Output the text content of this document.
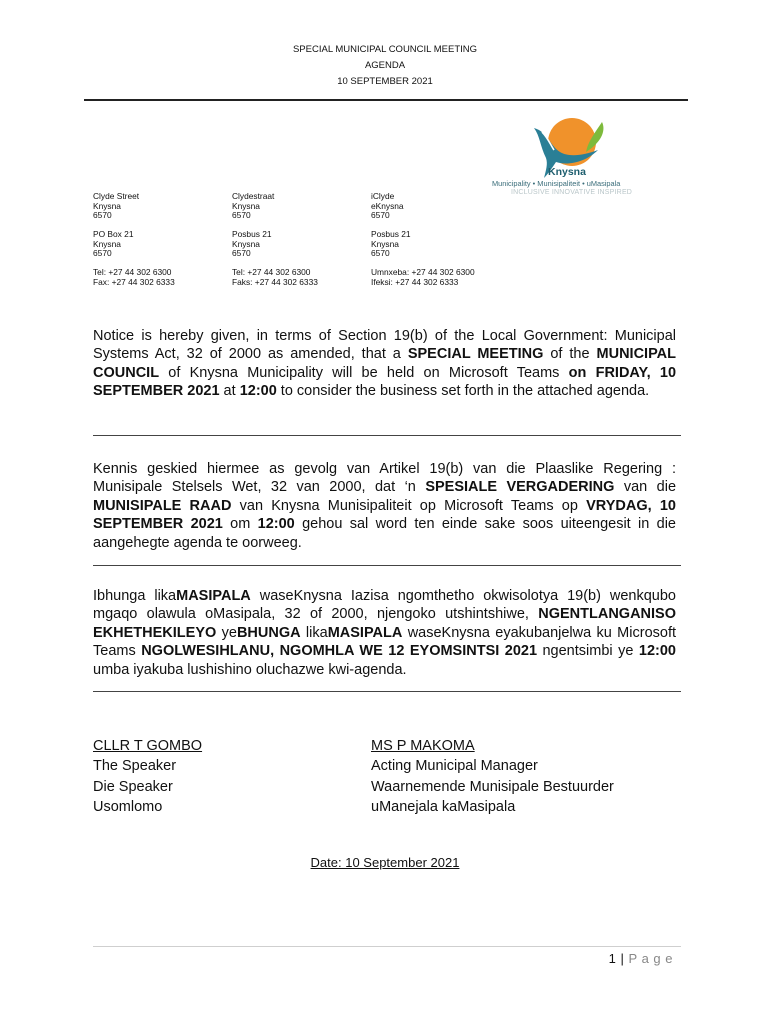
SPECIAL MUNICIPAL COUNCIL MEETING
AGENDA
10 SEPTEMBER 2021
Knysna
Municipality • Munisipaliteit • uMasipala
INCLUSIVE INNOVATIVE INSPIRED
Clyde Street
Knysna
6570
PO Box 21
Knysna
6570
Tel: +27 44 302 6300
Fax: +27 44 302 6333
Clydestraat
Knysna
6570
Posbus 21
Knysna
6570
Tel: +27 44 302 6300
Faks: +27 44 302 6333
iClyde
eKnysna
6570
Posbus 21
Knysna
6570
Umnxeba: +27 44 302 6300
Ifeksi: +27 44 302 6333
Notice is hereby given, in terms of Section 19(b) of the Local Government: Municipal Systems Act, 32 of 2000 as amended, that a SPECIAL MEETING of the MUNICIPAL COUNCIL of Knysna Municipality will be held on Microsoft Teams on FRIDAY, 10 SEPTEMBER 2021 at 12:00 to consider the business set forth in the attached agenda.
Kennis geskied hiermee as gevolg van Artikel 19(b) van die Plaaslike Regering : Munisipale Stelsels Wet, 32 van 2000, dat ‘n SPESIALE VERGADERING van die MUNISIPALE RAAD van Knysna Munisipaliteit op Microsoft Teams op VRYDAG, 10 SEPTEMBER 2021 om 12:00 gehou sal word ten einde sake soos uiteengesit in die aangehegte agenda te oorweeg.
Ibhunga likaMASIPALA waseKnysna Iazisa ngomthetho okwisolotya 19(b) wenkqubo mgaqo olawula oMasipala, 32 of 2000, njengoko utshintshiwe, NGENTLANGANISO EKHETHEKILEYO yeBHUNGA likaMASIPALA waseKnysna eyakubanjelwa ku Microsoft Teams NGOLWESIHLANU, NGOMHLA WE 12 EYOMSINTSI 2021 ngentsimbi ye 12:00 umba iyakuba lushishino oluchazwe kwi-agenda.
CLLR T GOMBO
The Speaker
Die Speaker
Usomlomo
MS P MAKOMA
Acting Municipal Manager
Waarnemende Munisipale Bestuurder
uManejala kaMasipala
Date: 10 September 2021
1 | P a g e
